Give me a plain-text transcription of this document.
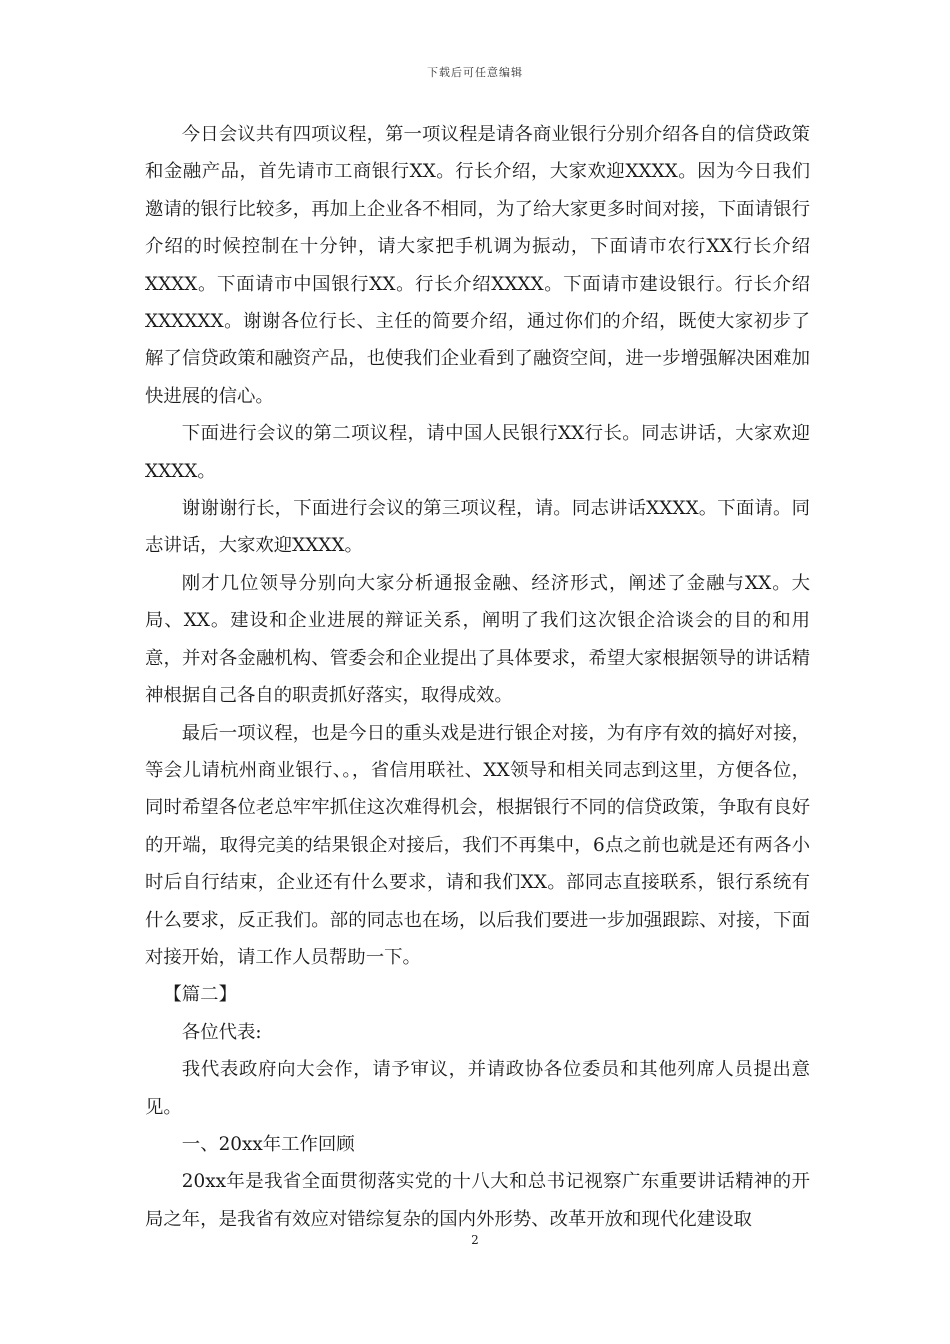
下载后可任意编辑

今日会议共有四项议程，第一项议程是请各商业银行分别介绍各自的信贷政策和金融产品，首先请市工商银行XX。行长介绍，大家欢迎XXXX。因为今日我们邀请的银行比较多，再加上企业各不相同，为了给大家更多时间对接，下面请银行介绍的时候控制在十分钟，请大家把手机调为振动，下面请市农行XX行长介绍XXXX。下面请市中国银行XX。行长介绍XXXX。下面请市建设银行。行长介绍XXXXXX。谢谢各位行长、主任的简要介绍，通过你们的介绍，既使大家初步了解了信贷政策和融资产品，也使我们企业看到了融资空间，进一步增强解决困难加快进展的信心。

下面进行会议的第二项议程，请中国人民银行XX行长。同志讲话，大家欢迎XXXX。

谢谢谢行长，下面进行会议的第三项议程，请。同志讲话XXXX。下面请。同志讲话，大家欢迎XXXX。

刚才几位领导分别向大家分析通报金融、经济形式，阐述了金融与XX。大局、XX。建设和企业进展的辩证关系，阐明了我们这次银企洽谈会的目的和用意，并对各金融机构、管委会和企业提出了具体要求，希望大家根据领导的讲话精神根据自己各自的职责抓好落实，取得成效。

最后一项议程，也是今日的重头戏是进行银企对接，为有序有效的搞好对接，等会儿请杭州商业银行、。，省信用联社、XX领导和相关同志到这里，方便各位，同时希望各位老总牢牢抓住这次难得机会，根据银行不同的信贷政策，争取有良好的开端，取得完美的结果银企对接后，我们不再集中，6点之前也就是还有两各小时后自行结束，企业还有什么要求，请和我们XX。部同志直接联系，银行系统有什么要求，反正我们。部的同志也在场，以后我们要进一步加强跟踪、对接，下面对接开始，请工作人员帮助一下。

【篇二】

各位代表:

我代表政府向大会作，请予审议，并请政协各位委员和其他列席人员提出意见。

一、20xx年工作回顾

20xx年是我省全面贯彻落实党的十八大和总书记视察广东重要讲话精神的开局之年，是我省有效应对错综复杂的国内外形势、改革开放和现代化建设取

2
